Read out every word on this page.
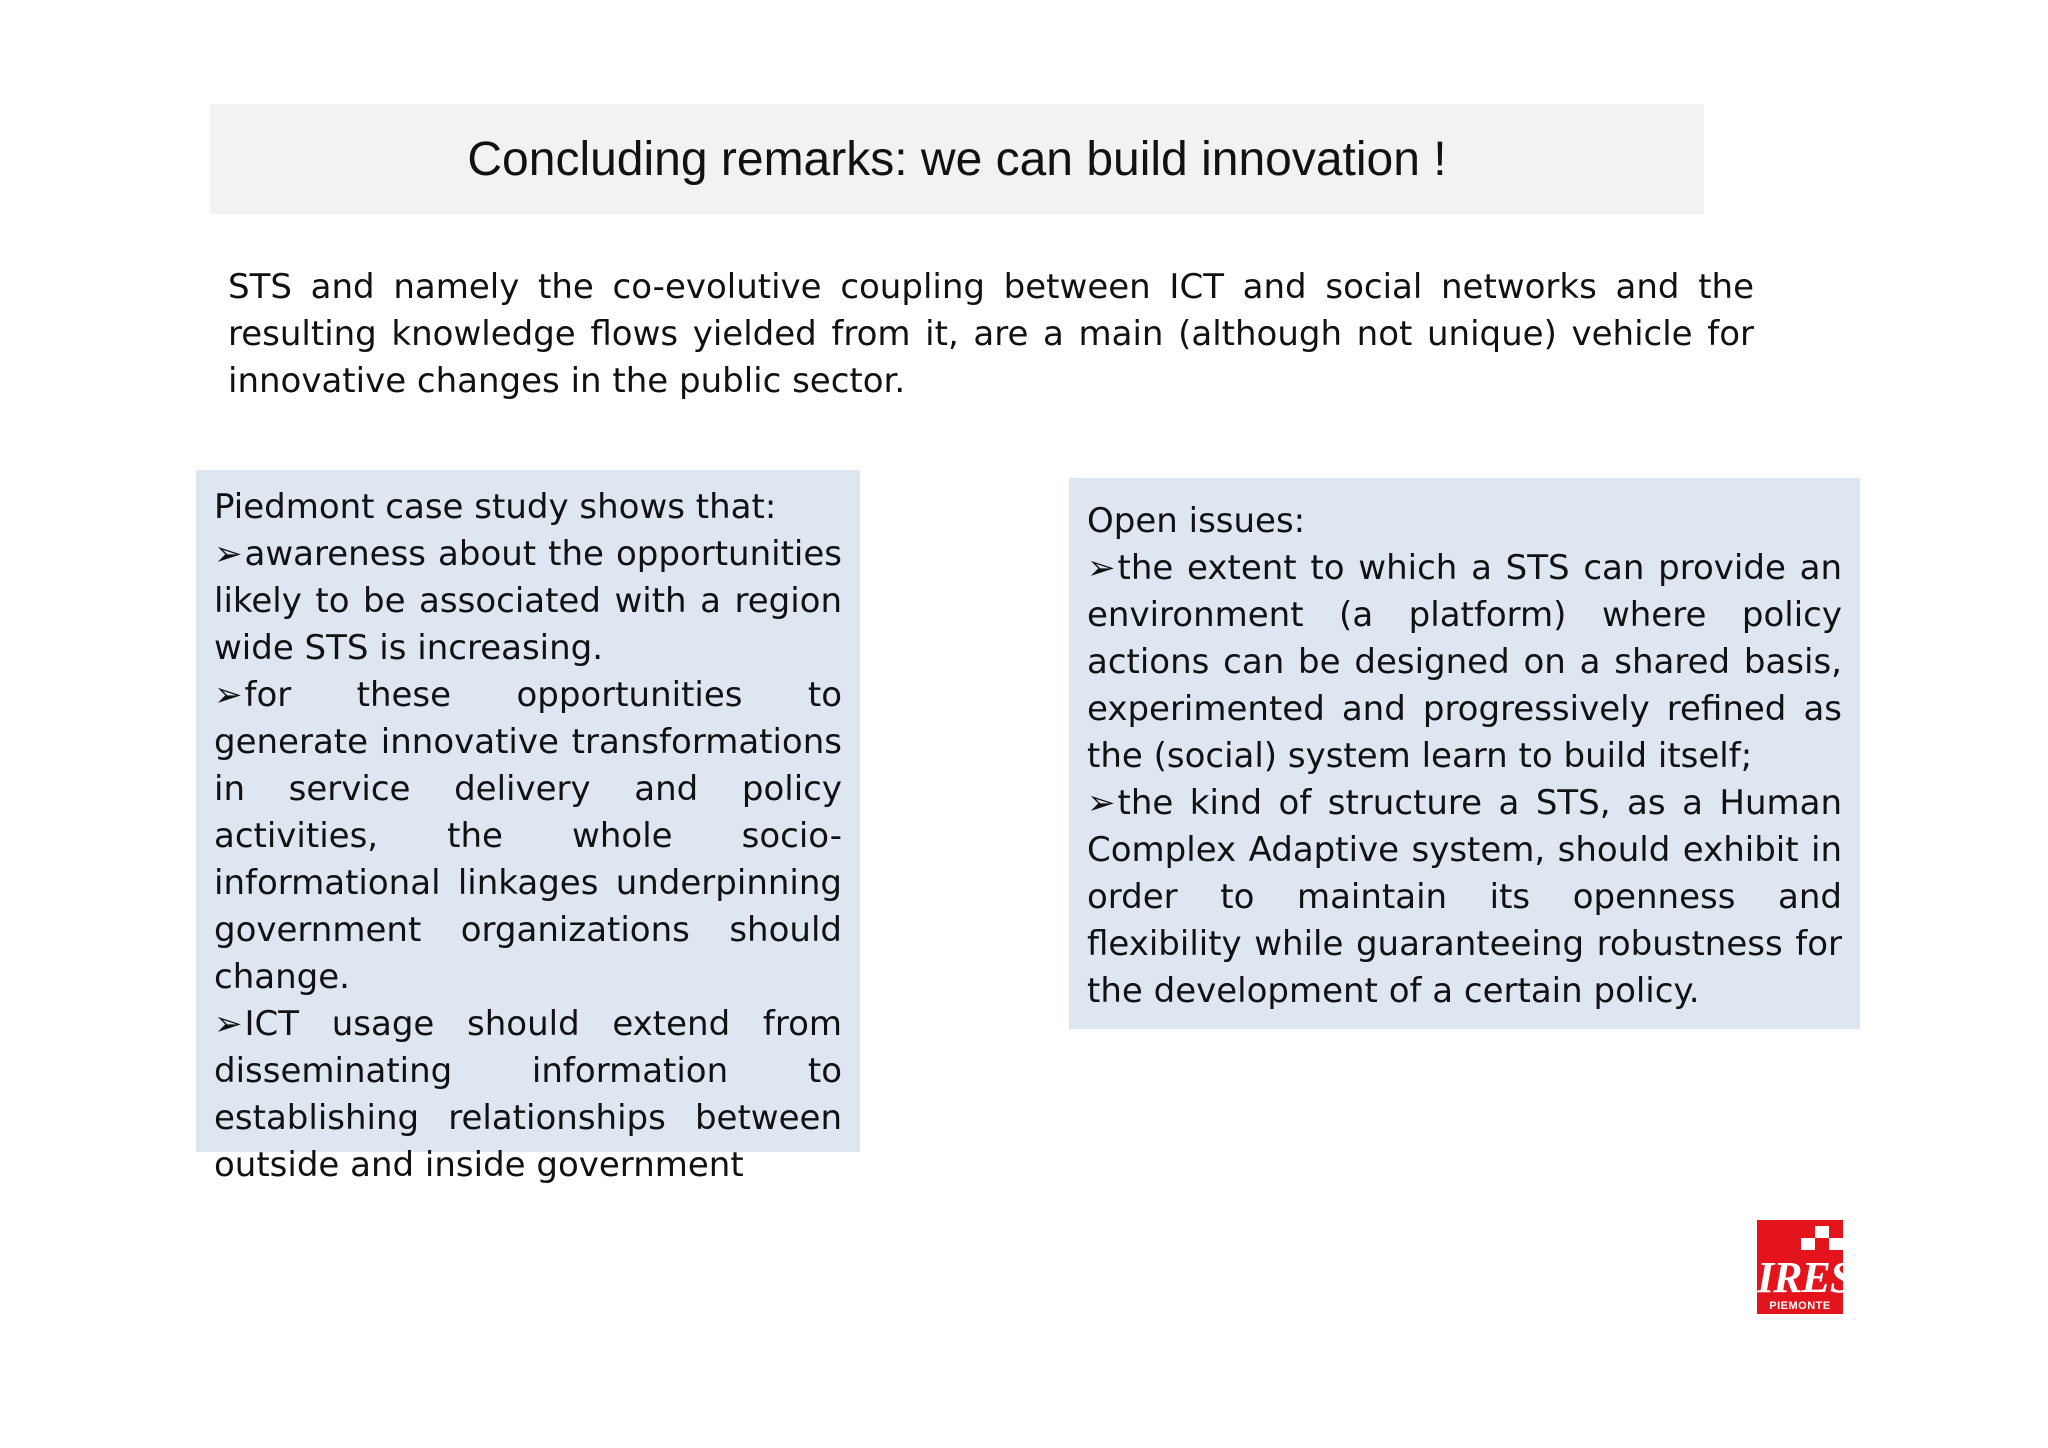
Concluding remarks: we can build innovation !
STS and namely the co-evolutive coupling between ICT and social networks and the resulting knowledge flows yielded from it, are a main (although not unique) vehicle for innovative changes in the public sector.

Piedmont case study shows that:

➢awareness about the opportunities likely to be associated with a region wide STS is increasing.

➢for these opportunities to generate innovative transformations in service delivery and policy activities, the whole socio-informational linkages underpinning government organizations should change.

➢ICT usage should extend from disseminating information to establishing relationships between outside and inside government

Open issues:

➢the extent to which a STS can provide an environment (a platform) where policy actions can be designed on a shared basis, experimented and progressively refined as the (social) system learn to build itself;

➢the kind of structure a STS, as a Human Complex Adaptive system, should exhibit in order to maintain its openness and flexibility while guaranteeing robustness for the development of a certain policy.

IRES
PIEMONTE
